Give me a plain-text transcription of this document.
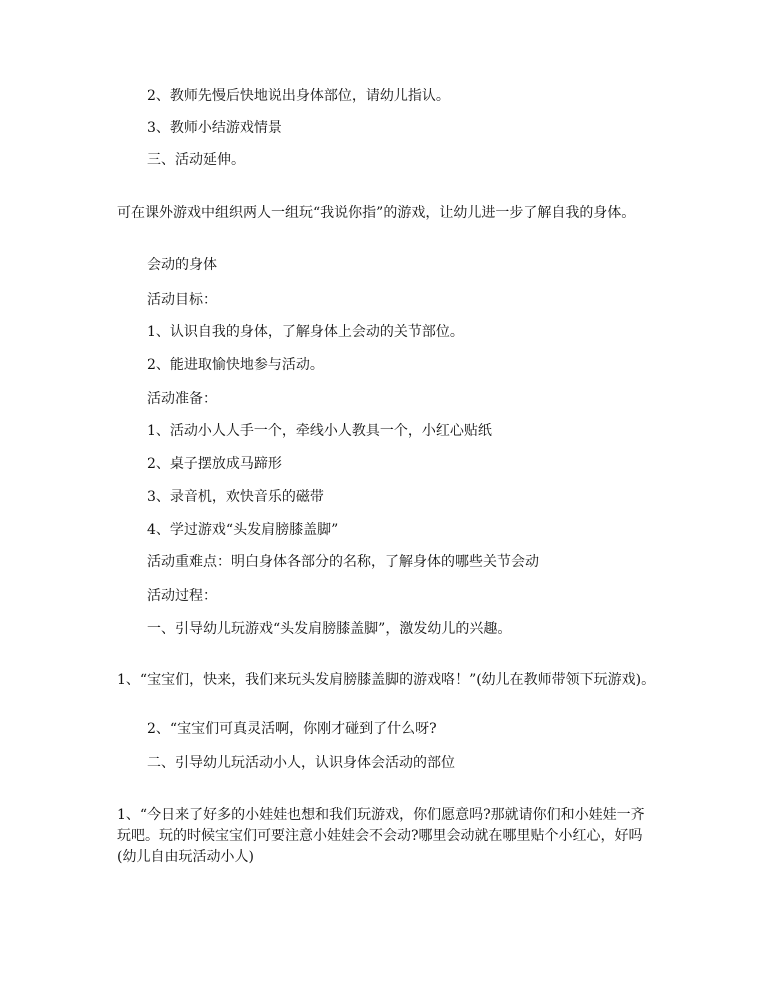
2、教师先慢后快地说出身体部位，请幼儿指认。

3、教师小结游戏情景

三、活动延伸。

可在课外游戏中组织两人一组玩“我说你指”的游戏，让幼儿进一步了解自我的身体。

会动的身体

活动目标：

1、认识自我的身体，了解身体上会动的关节部位。

2、能进取愉快地参与活动。

活动准备：

1、活动小人人手一个，牵线小人教具一个，小红心贴纸

2、桌子摆放成马蹄形

3、录音机，欢快音乐的磁带

4、学过游戏“头发肩膀膝盖脚”

活动重难点：明白身体各部分的名称，了解身体的哪些关节会动

活动过程：

一、引导幼儿玩游戏“头发肩膀膝盖脚”，激发幼儿的兴趣。

1、“宝宝们，快来，我们来玩头发肩膀膝盖脚的游戏咯！”(幼儿在教师带领下玩游戏)。

2、“宝宝们可真灵活啊，你刚才碰到了什么呀?

二、引导幼儿玩活动小人，认识身体会活动的部位

1、“今日来了好多的小娃娃也想和我们玩游戏，你们愿意吗?那就请你们和小娃娃一齐玩吧。玩的时候宝宝们可要注意小娃娃会不会动?哪里会动就在哪里贴个小红心，好吗(幼儿自由玩活动小人)
